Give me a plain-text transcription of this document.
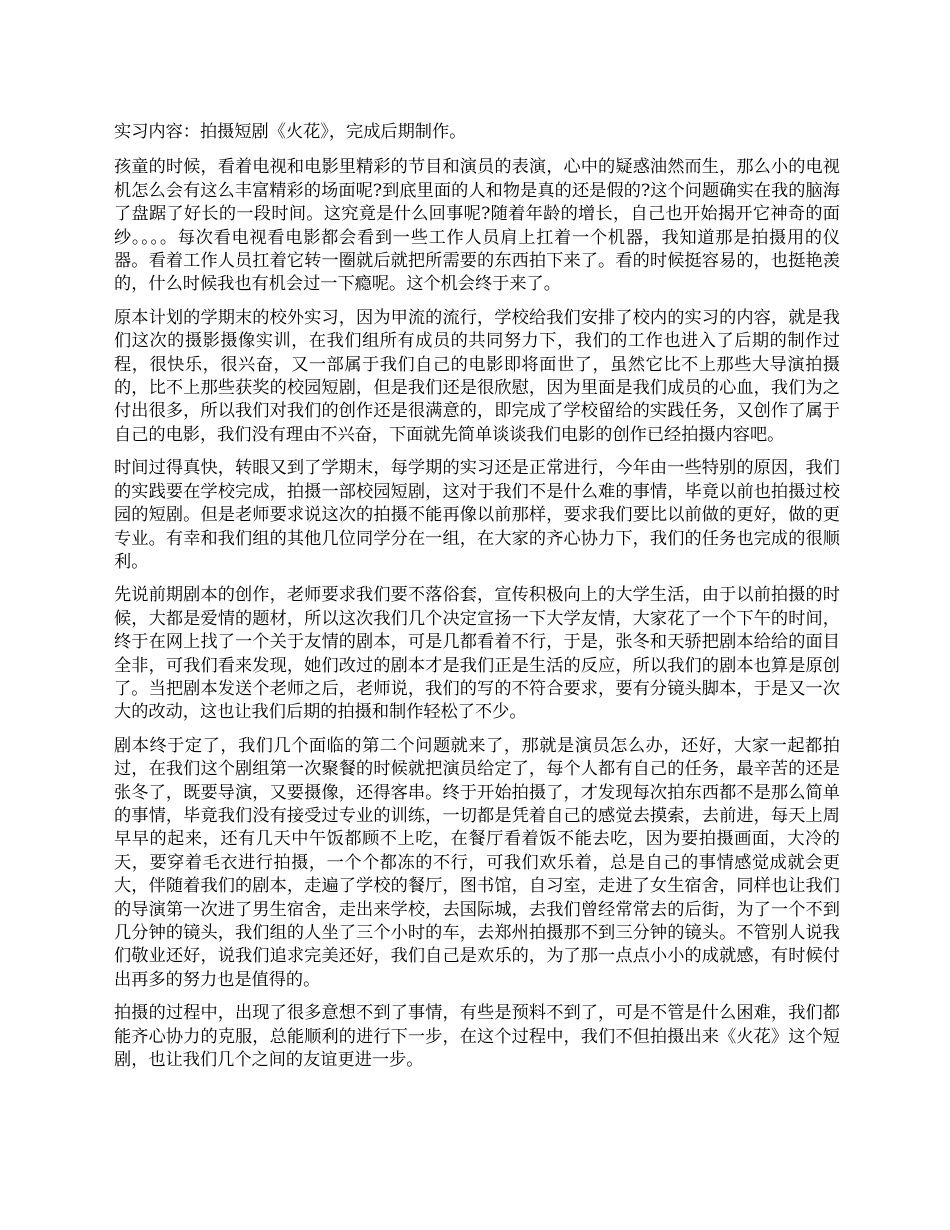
实习内容：拍摄短剧《火花》，完成后期制作。

孩童的时候，看着电视和电影里精彩的节目和演员的表演，心中的疑惑油然而生，那么小的电视机怎么会有这么丰富精彩的场面呢?到底里面的人和物是真的还是假的?这个问题确实在我的脑海了盘踞了好长的一段时间。这究竟是什么回事呢?随着年龄的增长，自己也开始揭开它神奇的面纱。。。。每次看电视看电影都会看到一些工作人员肩上扛着一个机器，我知道那是拍摄用的仪器。看着工作人员扛着它转一圈就后就把所需要的东西拍下来了。看的时候挺容易的，也挺艳羡的，什么时候我也有机会过一下瘾呢。这个机会终于来了。

原本计划的学期末的校外实习，因为甲流的流行，学校给我们安排了校内的实习的内容，就是我们这次的摄影摄像实训，在我们组所有成员的共同努力下，我们的工作也进入了后期的制作过程，很快乐，很兴奋，又一部属于我们自己的电影即将面世了，虽然它比不上那些大导演拍摄的，比不上那些获奖的校园短剧，但是我们还是很欣慰，因为里面是我们成员的心血，我们为之付出很多，所以我们对我们的创作还是很满意的，即完成了学校留给的实践任务，又创作了属于自己的电影，我们没有理由不兴奋，下面就先简单谈谈我们电影的创作已经拍摄内容吧。

时间过得真快，转眼又到了学期末，每学期的实习还是正常进行，今年由一些特别的原因，我们的实践要在学校完成，拍摄一部校园短剧，这对于我们不是什么难的事情，毕竟以前也拍摄过校园的短剧。但是老师要求说这次的拍摄不能再像以前那样，要求我们要比以前做的更好，做的更专业。有幸和我们组的其他几位同学分在一组，在大家的齐心协力下，我们的任务也完成的很顺利。

先说前期剧本的创作，老师要求我们要不落俗套，宣传积极向上的大学生活，由于以前拍摄的时候，大都是爱情的题材，所以这次我们几个决定宣扬一下大学友情，大家花了一个下午的时间，终于在网上找了一个关于友情的剧本，可是几都看着不行，于是，张冬和天骄把剧本给给的面目全非，可我们看来发现，她们改过的剧本才是我们正是生活的反应，所以我们的剧本也算是原创了。当把剧本发送个老师之后，老师说，我们的写的不符合要求，要有分镜头脚本，于是又一次大的改动，这也让我们后期的拍摄和制作轻松了不少。

剧本终于定了，我们几个面临的第二个问题就来了，那就是演员怎么办，还好，大家一起都拍过，在我们这个剧组第一次聚餐的时候就把演员给定了，每个人都有自己的任务，最辛苦的还是张冬了，既要导演，又要摄像，还得客串。终于开始拍摄了，才发现每次拍东西都不是那么简单的事情，毕竟我们没有接受过专业的训练，一切都是凭着自己的感觉去摸索，去前进，每天上周早早的起来，还有几天中午饭都顾不上吃，在餐厅看着饭不能去吃，因为要拍摄画面，大冷的天，要穿着毛衣进行拍摄，一个个都冻的不行，可我们欢乐着，总是自己的事情感觉成就会更大，伴随着我们的剧本，走遍了学校的餐厅，图书馆，自习室，走进了女生宿舍，同样也让我们的导演第一次进了男生宿舍，走出来学校，去国际城，去我们曾经常常去的后街，为了一个不到几分钟的镜头，我们组的人坐了三个小时的车，去郑州拍摄那不到三分钟的镜头。不管别人说我们敬业还好，说我们追求完美还好，我们自己是欢乐的，为了那一点点小小的成就感，有时候付出再多的努力也是值得的。

拍摄的过程中，出现了很多意想不到了事情，有些是预料不到了，可是不管是什么困难，我们都能齐心协力的克服，总能顺利的进行下一步，在这个过程中，我们不但拍摄出来《火花》这个短剧，也让我们几个之间的友谊更进一步。
